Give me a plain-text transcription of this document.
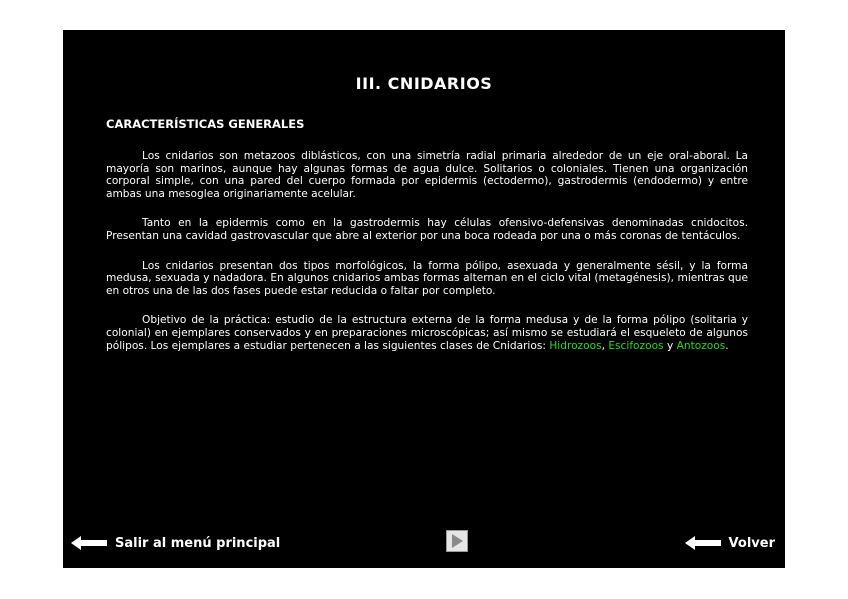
III. CNIDARIOS
CARACTERÍSTICAS GENERALES

Los cnidarios son metazoos diblásticos, con una simetría radial primaria alrededor de un eje oral-aboral. La mayoría son marinos, aunque hay algunas formas de agua dulce. Solitarios o coloniales. Tienen una organización corporal simple, con una pared del cuerpo formada por epidermis (ectodermo), gastrodermis (endodermo) y entre ambas una mesoglea originariamente acelular.

Tanto en la epidermis como en la gastrodermis hay células ofensivo-defensivas denominadas cnidocitos. Presentan una cavidad gastrovascular que abre al exterior por una boca rodeada por una o más coronas de tentáculos.

Los cnidarios presentan dos tipos morfológicos, la forma pólipo, asexuada y generalmente sésil, y la forma medusa, sexuada y nadadora. En algunos cnidarios ambas formas alternan en el ciclo vital (metagénesis), mientras que en otros una de las dos fases puede estar reducida o faltar por completo.

Objetivo de la práctica: estudio de la estructura externa de la forma medusa y de la forma pólipo (solitaria y colonial) en ejemplares conservados y en preparaciones microscópicas; así mismo se estudiará el esqueleto de algunos pólipos. Los ejemplares a estudiar pertenecen a las siguientes clases de Cnidarios: Hidrozoos, Escifozoos y Antozoos.

Salir al menú principal	Volver
